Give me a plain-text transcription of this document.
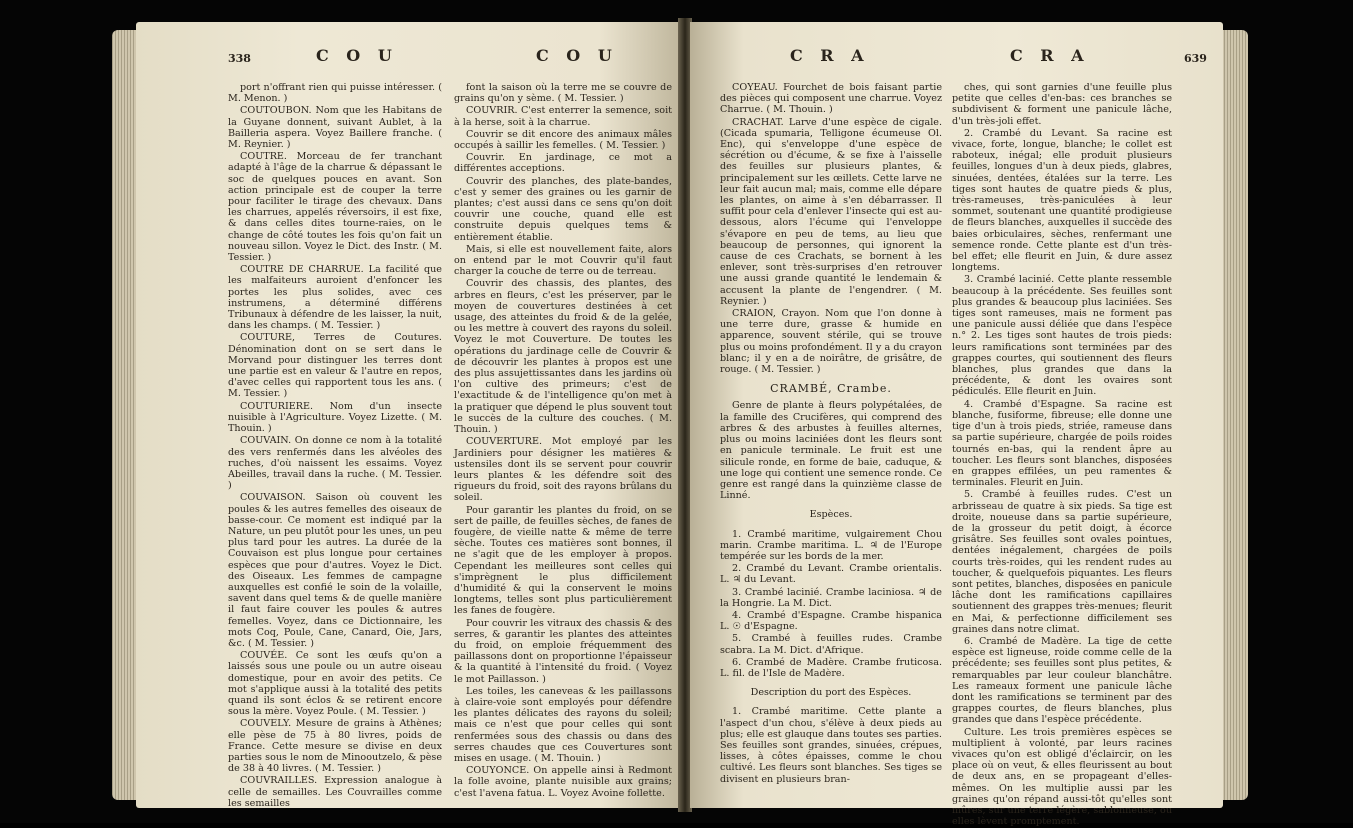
338	C O U	C O U

port n'offrant rien qui puisse intéresser. ( M. Menon. )

COUTOUBON. Nom que les Habitans de la Guyane donnent, suivant Aublet, à la Bailleria aspera. Voyez Baillere franche. ( M. Reynier. )

COUTRE. Morceau de fer tranchant adapté à l'âge de la charrue & dépassant le soc de quelques pouces en avant. Son action principale est de couper la terre pour faciliter le tirage des chevaux. Dans les charrues, appelés réversoirs, il est fixe, & dans celles dites tourne-raies, on le change de côté toutes les fois qu'on fait un nouveau sillon. Voyez le Dict. des Instr. ( M. Tessier. )

COUTRE DE CHARRUE. La facilité que les malfaiteurs auroient d'enfoncer les portes les plus solides, avec ces instrumens, a déterminé différens Tribunaux à défendre de les laisser, la nuit, dans les champs. ( M. Tessier. )

COUTURE, Terres de Coutures. Dénomination dont on se sert dans le Morvand pour distinguer les terres dont une partie est en valeur & l'autre en repos, d'avec celles qui rapportent tous les ans. ( M. Tessier. )

COUTURIERE. Nom d'un insecte nuisible à l'Agriculture. Voyez Lizette. ( M. Thouin. )

COUVAIN. On donne ce nom à la totalité des vers renfermés dans les alvéoles des ruches, d'où naissent les essaims. Voyez Abeilles, travail dans la ruche. ( M. Tessier. )

COUVAISON. Saison où couvent les poules & les autres femelles des oiseaux de basse-cour. Ce moment est indiqué par la Nature, un peu plutôt pour les unes, un peu plus tard pour les autres. La durée de la Couvaison est plus longue pour certaines espèces que pour d'autres. Voyez le Dict. des Oiseaux. Les femmes de campagne auxquelles est confié le soin de la volaille, savent dans quel tems & de quelle manière il faut faire couver les poules & autres femelles. Voyez, dans ce Dictionnaire, les mots Coq, Poule, Cane, Canard, Oie, Jars, &c. ( M. Tessier. )

COUVÉE. Ce sont les œufs qu'on a laissés sous une poule ou un autre oiseau domestique, pour en avoir des petits. Ce mot s'applique aussi à la totalité des petits quand ils sont éclos & se retirent encore sous la mère. Voyez Poule. ( M. Tessier. )

COUVELY. Mesure de grains à Athènes; elle pèse de 75 à 80 livres, poids de France. Cette mesure se divise en deux parties sous le nom de Minooutzelo, & pèse de 38 à 40 livres. ( M. Tessier. )

COUVRAILLES. Expression analogue à celle de semailles. Les Couvrailles comme les semailles

font la saison où la terre me se couvre de grains qu'on y sème. ( M. Tessier. )

COUVRIR. C'est enterrer la semence, soit à la herse, soit à la charrue.

Couvrir se dit encore des animaux mâles occupés à saillir les femelles. ( M. Tessier. )

Couvrir. En jardinage, ce mot a différentes acceptions.

Couvrir des planches, des plate-bandes, c'est y semer des graines ou les garnir de plantes; c'est aussi dans ce sens qu'on doit couvrir une couche, quand elle est construite depuis quelques tems & entièrement établie.

Mais, si elle est nouvellement faite, alors on entend par le mot Couvrir qu'il faut charger la couche de terre ou de terreau.

Couvrir des chassis, des plantes, des arbres en fleurs, c'est les préserver, par le moyen de couvertures destinées à cet usage, des atteintes du froid & de la gelée, ou les mettre à couvert des rayons du soleil. Voyez le mot Couverture. De toutes les opérations du jardinage celle de Couvrir & de découvrir les plantes à propos est une des plus assujettissantes dans les jardins où l'on cultive des primeurs; c'est de l'exactitude & de l'intelligence qu'on met à la pratiquer que dépend le plus souvent tout le succès de la culture des couches. ( M. Thouin. )

COUVERTURE. Mot employé par les Jardiniers pour désigner les matières & ustensiles dont ils se servent pour couvrir leurs plantes & les défendre soit des rigueurs du froid, soit des rayons brûlans du soleil.

Pour garantir les plantes du froid, on se sert de paille, de feuilles sèches, de fanes de fougère, de vieille natte & même de terre sèche. Toutes ces matières sont bonnes, il ne s'agit que de les employer à propos. Cependant les meilleures sont celles qui s'imprègnent le plus difficilement d'humidité & qui la conservent le moins longtems, telles sont plus particulièrement les fanes de fougère.

Pour couvrir les vitraux des chassis & des serres, & garantir les plantes des atteintes du froid, on emploie fréquemment des paillassons dont on proportionne l'épaisseur & la quantité à l'intensité du froid. ( Voyez le mot Paillasson. )

Les toiles, les caneveas & les paillassons à claire-voie sont employés pour défendre les plantes délicates des rayons du soleil; mais ce n'est que pour celles qui sont renfermées sous des chassis ou dans des serres chaudes que ces Couvertures sont mises en usage. ( M. Thouin. )

COUYONCE. On appelle ainsi à Redmont la folle avoine, plante nuisible aux grains; c'est l'avena fatua. L. Voyez Avoine follette.

639
C R A	C R A

COYEAU. Fourchet de bois faisant partie des pièces qui composent une charrue. Voyez Charrue. ( M. Thouin. )

CRACHAT. Larve d'une espèce de cigale. (Cicada spumaria, Telligone écumeuse Ol. Enc), qui s'enveloppe d'une espèce de sécrétion ou d'écume, & se fixe à l'aisselle des feuilles sur plusieurs plantes, & principalement sur les œillets. Cette larve ne leur fait aucun mal; mais, comme elle dépare les plantes, on aime à s'en débarrasser. Il suffit pour cela d'enlever l'insecte qui est au-dessous, alors l'écume qui l'enveloppe s'évapore en peu de tems, au lieu que beaucoup de personnes, qui ignorent la cause de ces Crachats, se bornent à les enlever, sont très-surprises d'en retrouver une aussi grande quantité le lendemain & accusent la plante de l'engendrer. ( M. Reynier. )

CRAION, Crayon. Nom que l'on donne à une terre dure, grasse & humide en apparence, souvent stérile, qui se trouve plus ou moins profondément. Il y a du crayon blanc; il y en a de noirâtre, de grisâtre, de rouge. ( M. Tessier. )

CRAMBÉ, Crambe.

Genre de plante à fleurs polypétalées, de la famille des Crucifères, qui comprend des arbres & des arbustes à feuilles alternes, plus ou moins laciniées dont les fleurs sont en panicule terminale. Le fruit est une silicule ronde, en forme de baie, caduque, & une loge qui contient une semence ronde. Ce genre est rangé dans la quinzième classe de Linné.

Espèces.

1. Crambé maritime, vulgairement Chou marin. Crambe maritima. L. ♃ de l'Europe tempérée sur les bords de la mer.

2. Crambé du Levant. Crambe orientalis. L. ♃ du Levant.

3. Crambé lacinié. Crambe laciniosa. ♃ de la Hongrie. La M. Dict.

4. Crambé d'Espagne. Crambe hispanica L. ☉ d'Espagne.

5. Crambé à feuilles rudes. Crambe scabra. La M. Dict. d'Afrique.

6. Crambé de Madère. Crambe fruticosa. L. fil. de l'Isle de Madère.

Description du port des Espèces.

1. Crambé maritime. Cette plante a l'aspect d'un chou, s'élève à deux pieds au plus; elle est glauque dans toutes ses parties. Ses feuilles sont grandes, sinuées, crépues, lisses, à côtes épaisses, comme le chou cultivé. Les fleurs sont blanches. Ses tiges se divisent en plusieurs bran-

ches, qui sont garnies d'une feuille plus petite que celles d'en-bas: ces branches se subdivisent & forment une panicule lâche, d'un très-joli effet.

2. Crambé du Levant. Sa racine est vivace, forte, longue, blanche; le collet est raboteux, inégal; elle produit plusieurs feuilles, longues d'un à deux pieds, glabres, sinuées, dentées, étalées sur la terre. Les tiges sont hautes de quatre pieds & plus, très-rameuses, très-paniculées à leur sommet, soutenant une quantité prodigieuse de fleurs blanches, auxquelles il succède des baies orbiculaires, sèches, renfermant une semence ronde. Cette plante est d'un très-bel effet; elle fleurit en Juin, & dure assez longtems.

3. Crambé lacinié. Cette plante ressemble beaucoup à la précédente. Ses feuilles sont plus grandes & beaucoup plus laciniées. Ses tiges sont rameuses, mais ne forment pas une panicule aussi déliée que dans l'espèce n.° 2. Les tiges sont hautes de trois pieds: leurs ramifications sont terminées par des grappes courtes, qui soutiennent des fleurs blanches, plus grandes que dans la précédente, & dont les ovaires sont pédiculés. Elle fleurit en Juin.

4. Crambé d'Espagne. Sa racine est blanche, fusiforme, fibreuse; elle donne une tige d'un à trois pieds, striée, rameuse dans sa partie supérieure, chargée de poils roides tournés en-bas, qui la rendent âpre au toucher. Les fleurs sont blanches, disposées en grappes effilées, un peu ramentes & terminales. Fleurit en Juin.

5. Crambé à feuilles rudes. C'est un arbrisseau de quatre à six pieds. Sa tige est droite, noueuse dans sa partie supérieure, de la grosseur du petit doigt, à écorce grisâtre. Ses feuilles sont ovales pointues, dentées inégalement, chargées de poils courts très-roides, qui les rendent rudes au toucher, & quelquefois piquantes. Les fleurs sont petites, blanches, disposées en panicule lâche dont les ramifications capillaires soutiennent des grappes très-menues; fleurit en Mai, & perfectionne difficilement ses graines dans notre climat.

6. Crambé de Madère. La tige de cette espèce est ligneuse, roide comme celle de la précédente; ses feuilles sont plus petites, & remarquables par leur couleur blanchâtre. Les rameaux forment une panicule lâche dont les ramifications se terminent par des grappes courtes, de fleurs blanches, plus grandes que dans l'espèce précédente.

Culture. Les trois premières espèces se multiplient à volonté, par leurs racines vivaces qu'on est obligé d'éclaircir, on les place où on veut, & elles fleurissent au bout de deux ans, en se propageant d'elles-mêmes. On les multiplie aussi par les graines qu'on répand aussi-tôt qu'elles sont mûres, sur une terre légère, sablonneuse, ou elles lèvent promptement.
